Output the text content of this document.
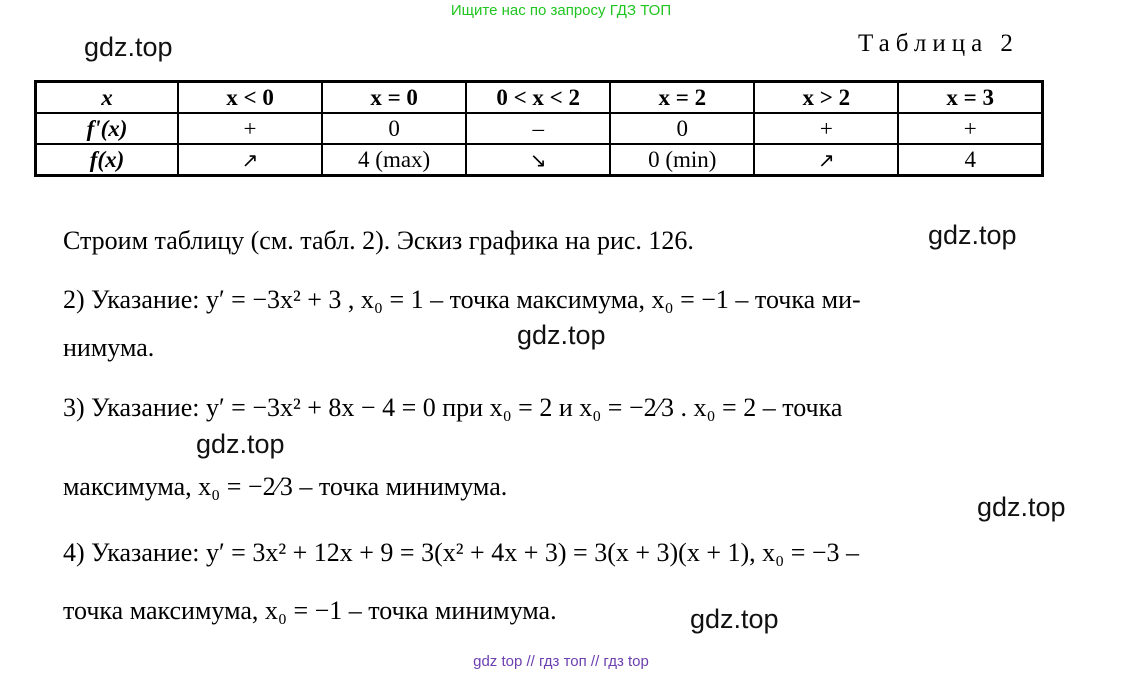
Ищите нас по запросу ГДЗ ТОП
gdz.top
gdz.top
gdz.top
gdz.top
gdz.top
gdz.top
Таблица 2
x	x < 0	x = 0	0 < x < 2	x = 2	x > 2	x = 3
f'(x)	+	0	–	0	+	+
f(x)	↗	4 (max)	↘	0 (min)	↗	4
Строим таблицу (см. табл. 2). Эскиз графика на рис. 126.
2) Указание: y′ = −3x² + 3 , x₀ = 1 – точка максимума, x₀ = −1 – точка ми-
нимума.
3) Указание: y′ = −3x² + 8x − 4 = 0 при x₀ = 2 и x₀ = −2⁄3 . x₀ = 2 – точка
максимума, x₀ = −2⁄3 – точка минимума.
4) Указание: y′ = 3x² + 12x + 9 = 3(x² + 4x + 3) = 3(x + 3)(x + 1), x₀ = −3 –
точка максимума, x₀ = −1 – точка минимума.
gdz top // гдз топ // гдз top
